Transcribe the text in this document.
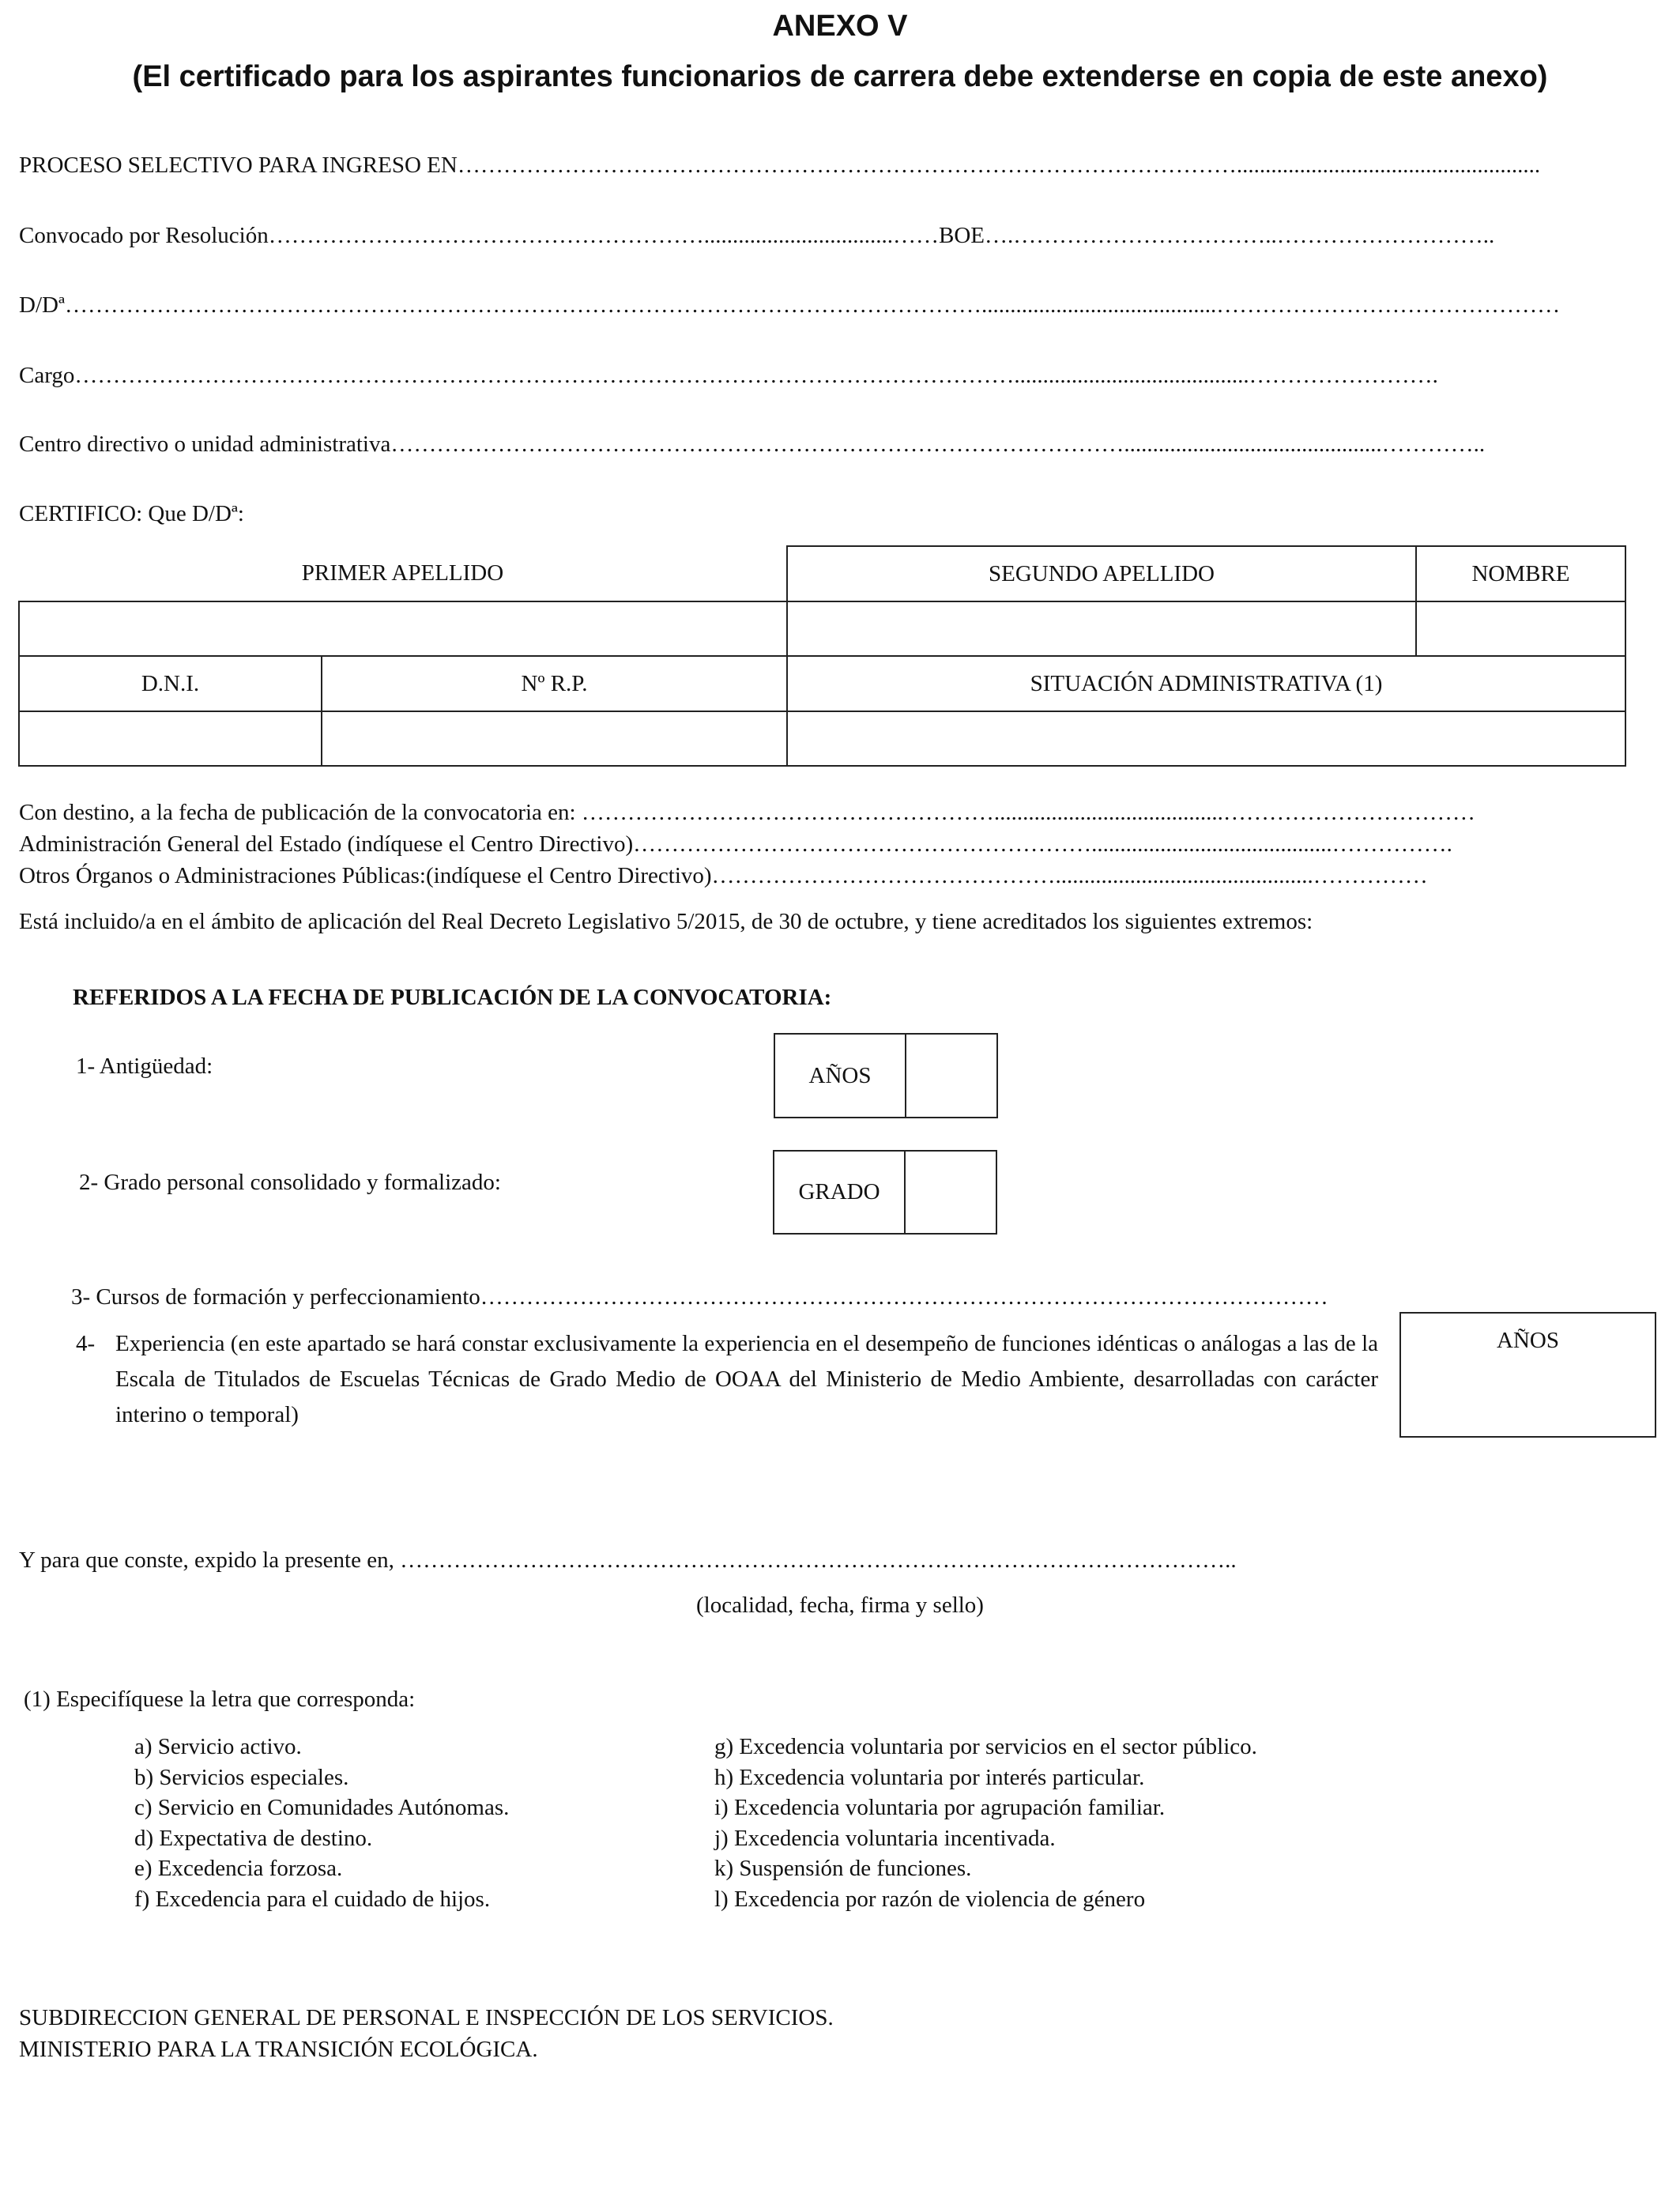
ANEXO V
(El certificado para los aspirantes funcionarios de carrera debe extenderse en copia de este anexo)
PROCESO SELECTIVO PARA INGRESO EN………………………………………………………………………………………….....................................................
Convocado por Resolución………………………………………………….................................……BOE….……………………………..………………………..
D/Dª………………………………………………………………………………………………………….........................................………………………………………
Cargo…………………………………………………………………………………………………………….........................................…………………….
Centro directivo o unidad administrativa…………………………………………………………………………………….............................................…………..
CERTIFICO: Que D/Dª:
PRIMER APELLIDO	SEGUNDO APELLIDO	NOMBRE
D.N.I.	Nº R.P.	SITUACIÓN ADMINISTRATIVA (1)
Con destino, a la fecha de publicación de la convocatoria en: ………………………………………………........................................……………………………
Administración General del Estado (indíquese el Centro Directivo)……………………………………………………..........................................…………….
Otros Órganos o Administraciones Públicas:(indíquese el Centro Directivo)……………………………………….............................................……………
Está incluido/a en el ámbito de aplicación del Real Decreto Legislativo 5/2015, de 30 de octubre, y tiene acreditados los siguientes extremos:
REFERIDOS A LA FECHA DE PUBLICACIÓN DE LA CONVOCATORIA:
1- Antigüedad:	AÑOS
2- Grado personal consolidado y formalizado:	GRADO
3- Cursos de formación y perfeccionamiento…………………………………………………………………………………………………
4- Experiencia (en este apartado se hará constar exclusivamente la experiencia en el desempeño de funciones idénticas o análogas a las de la Escala de Titulados de Escuelas Técnicas de Grado Medio de OOAA del Ministerio de Medio Ambiente, desarrolladas con carácter interino o temporal)
AÑOS
Y para que conste, expido la presente en, ………………………………………………………………………………………………..
(localidad, fecha, firma y sello)
(1) Especifíquese la letra que corresponda:
a) Servicio activo.
b) Servicios especiales.
c) Servicio en Comunidades Autónomas.
d) Expectativa de destino.
e) Excedencia forzosa.
f) Excedencia para el cuidado de hijos.
g) Excedencia voluntaria por servicios en el sector público.
h) Excedencia voluntaria por interés particular.
i) Excedencia voluntaria por agrupación familiar.
j) Excedencia voluntaria incentivada.
k) Suspensión de funciones.
l) Excedencia por razón de violencia de género
SUBDIRECCION GENERAL DE PERSONAL E INSPECCIÓN DE LOS SERVICIOS.
MINISTERIO PARA LA TRANSICIÓN ECOLÓGICA.
